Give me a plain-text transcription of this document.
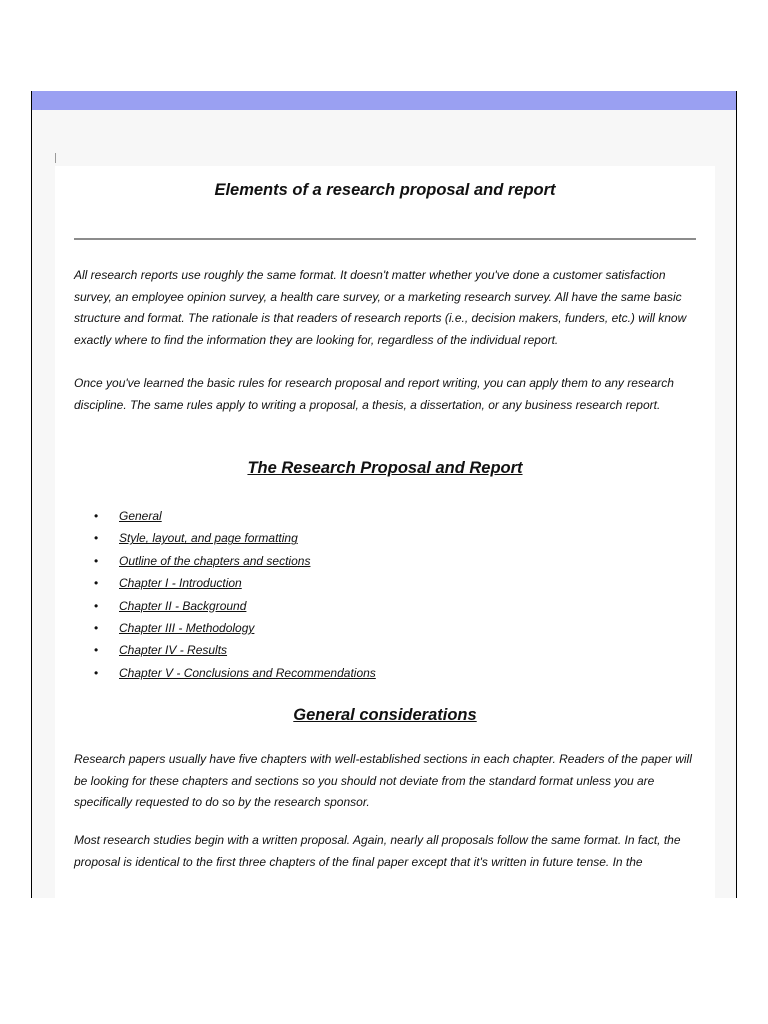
Elements of a research proposal and report

All research reports use roughly the same format. It doesn't matter whether you've done a customer satisfaction survey, an employee opinion survey, a health care survey, or a marketing research survey. All have the same basic structure and format. The rationale is that readers of research reports (i.e., decision makers, funders, etc.) will know exactly where to find the information they are looking for, regardless of the individual report.

Once you've learned the basic rules for research proposal and report writing, you can apply them to any research discipline. The same rules apply to writing a proposal, a thesis, a dissertation, or any business research report.

The Research Proposal and Report
• General
• Style, layout, and page formatting
• Outline of the chapters and sections
• Chapter I - Introduction
• Chapter II - Background
• Chapter III - Methodology
• Chapter IV - Results
• Chapter V - Conclusions and Recommendations
General considerations

Research papers usually have five chapters with well-established sections in each chapter. Readers of the paper will be looking for these chapters and sections so you should not deviate from the standard format unless you are specifically requested to do so by the research sponsor.

Most research studies begin with a written proposal. Again, nearly all proposals follow the same format. In fact, the proposal is identical to the first three chapters of the final paper except that it's written in future tense. In the
